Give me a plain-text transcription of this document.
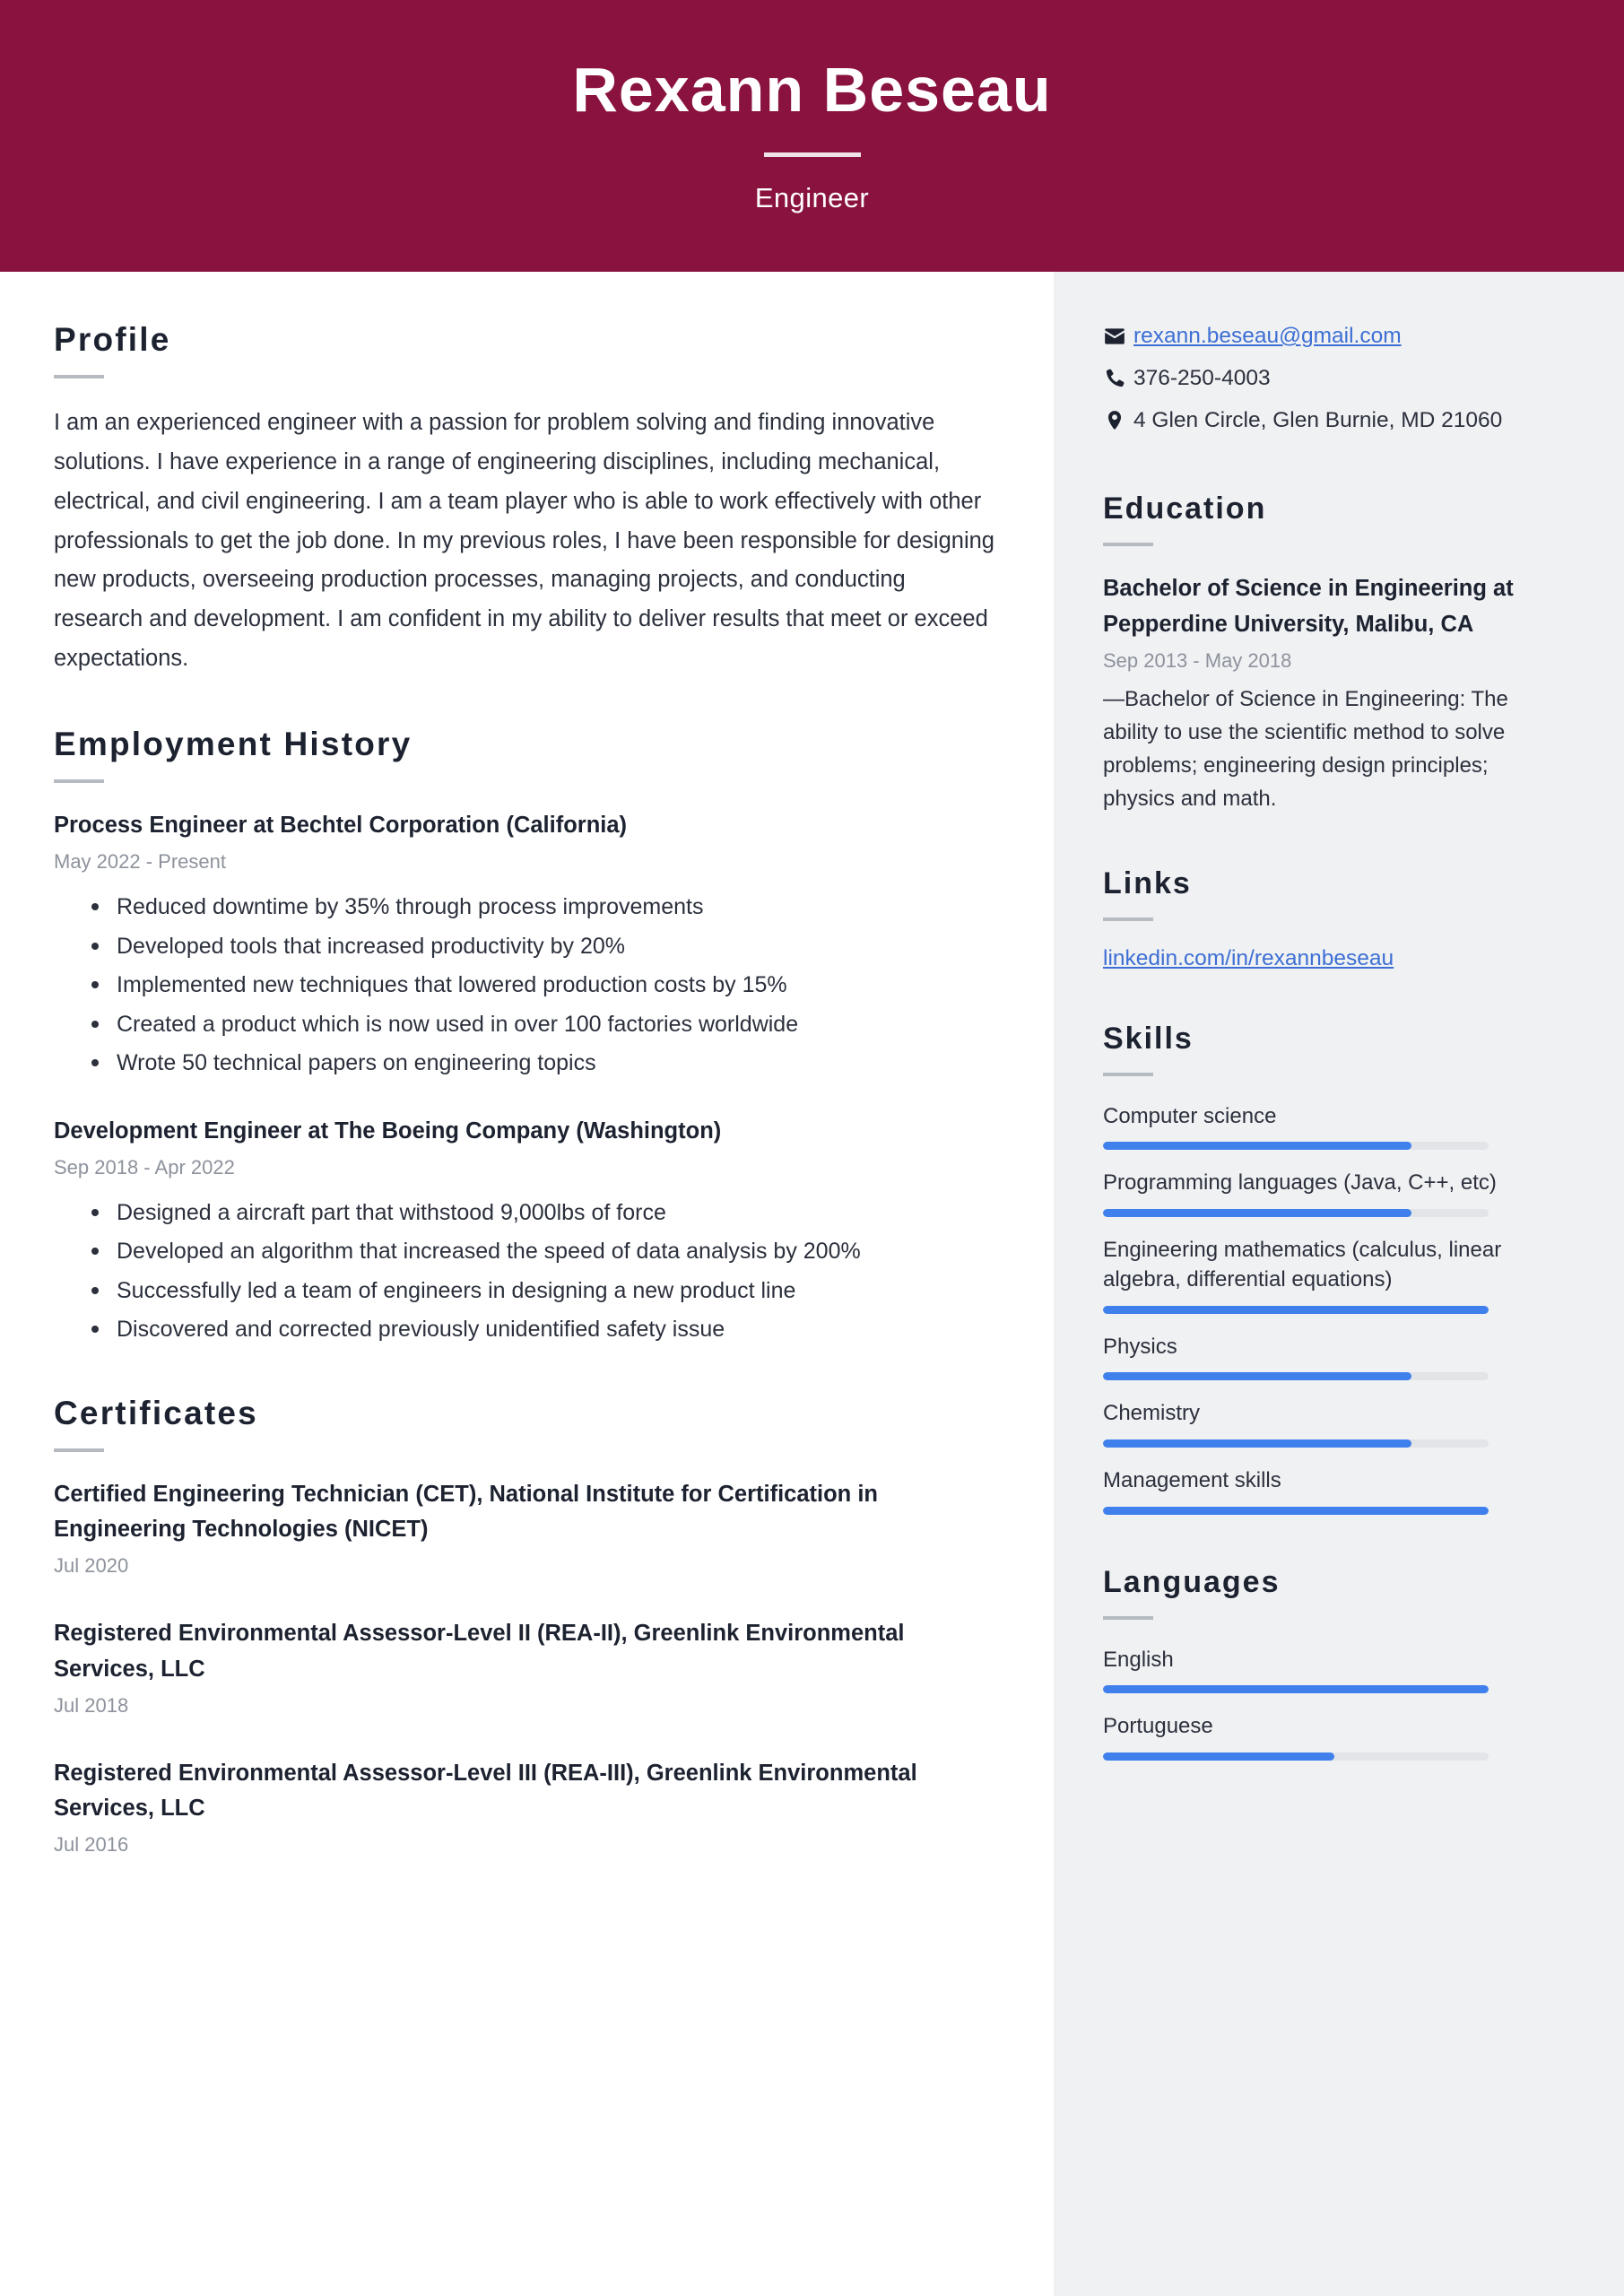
Rexann Beseau
Engineer
Profile
I am an experienced engineer with a passion for problem solving and finding innovative solutions. I have experience in a range of engineering disciplines, including mechanical, electrical, and civil engineering. I am a team player who is able to work effectively with other professionals to get the job done. In my previous roles, I have been responsible for designing new products, overseeing production processes, managing projects, and conducting research and development. I am confident in my ability to deliver results that meet or exceed expectations.
Employment History
Process Engineer at Bechtel Corporation (California)
May 2022 - Present
Reduced downtime by 35% through process improvements
Developed tools that increased productivity by 20%
Implemented new techniques that lowered production costs by 15%
Created a product which is now used in over 100 factories worldwide
Wrote 50 technical papers on engineering topics
Development Engineer at The Boeing Company (Washington)
Sep 2018 - Apr 2022
Designed a aircraft part that withstood 9,000lbs of force
Developed an algorithm that increased the speed of data analysis by 200%
Successfully led a team of engineers in designing a new product line
Discovered and corrected previously unidentified safety issue
Certificates
Certified Engineering Technician (CET), National Institute for Certification in Engineering Technologies (NICET)
Jul 2020
Registered Environmental Assessor-Level II (REA-II), Greenlink Environmental Services, LLC
Jul 2018
Registered Environmental Assessor-Level III (REA-III), Greenlink Environmental Services, LLC
Jul 2016
rexann.beseau@gmail.com
376-250-4003
4 Glen Circle, Glen Burnie, MD 21060
Education
Bachelor of Science in Engineering at Pepperdine University, Malibu, CA
Sep 2013 - May 2018
—Bachelor of Science in Engineering: The ability to use the scientific method to solve problems; engineering design principles; physics and math.
Links
linkedin.com/in/rexannbeseau
Skills
Computer science
Programming languages (Java, C++, etc)
Engineering mathematics (calculus, linear algebra, differential equations)
Physics
Chemistry
Management skills
Languages
English
Portuguese
